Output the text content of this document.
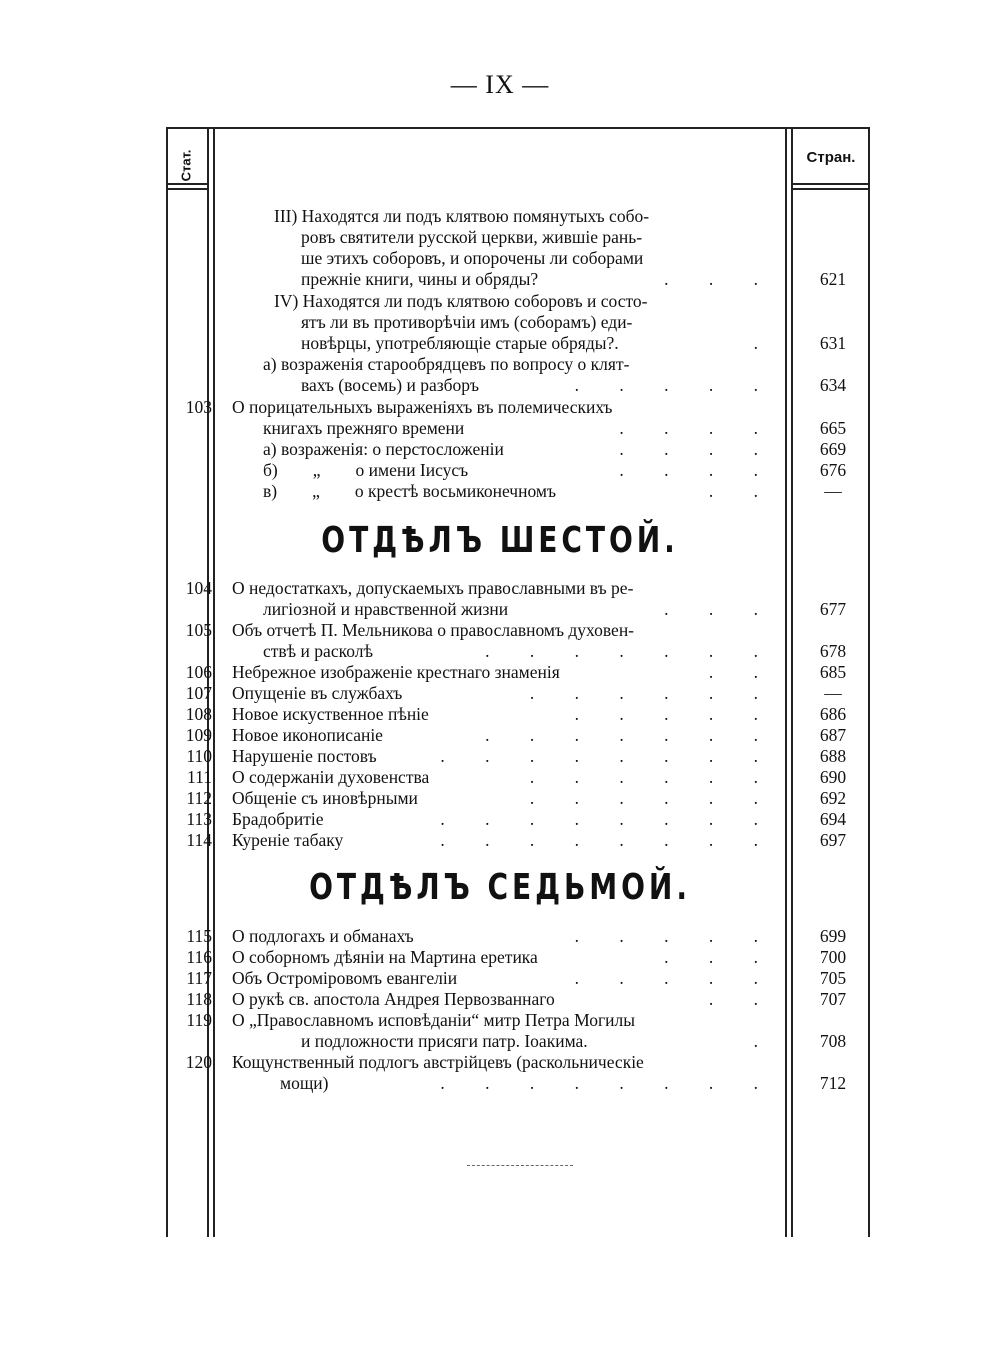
— IX —
Стат.	Стран.
III) Находятся ли подъ клятвою помянутыхъ собо-
ровъ святители русской церкви, жившіе рань-
ше этихъ соборовъ, и опорочены ли соборами
прежніе книги, чины и обряды?	. . .	621
IV) Находятся ли подъ клятвою соборовъ и состо-
ятъ ли въ противорѣчіи имъ (соборамъ) еди-
новѣрцы, употребляющіе старые обряды?.	.	631
а) возраженія старообрядцевъ по вопросу о клят-
вахъ (восемь) и разборъ	. . . . .	634
103 О порицательныхъ выраженіяхъ въ полемическихъ
книгахъ прежняго времени	. . . .	665
а) возраженія: о перстосложеніи	. . . .	669
б)        „        о имени Іисусъ	. . . .	676
в)        „        о крестѣ восьмиконечномъ	. .	—
ОТДѢЛЪ ШЕСТОЙ.
104 О недостаткахъ, допускаемыхъ православными въ ре-
лигіозной и нравственной жизни	. . .	677
105 Объ отчетѣ П. Мельникова о православномъ духовен-
ствѣ и расколѣ	. . . . . . .	678
106 Небрежное изображеніе крестнаго знаменія	. .	685
107 Опущеніе въ службахъ	. . . . . .	—
108 Новое искуственное пѣніе	. . . . .	686
109 Новое иконописаніе	. . . . . . .	687
110 Нарушеніе постовъ	. . . . . . . .	688
111 О содержаніи духовенства	. . . . . .	690
112 Общеніе съ иновѣрными	. . . . . .	692
113 Брадобритіе	. . . . . . . .	694
114 Куреніе табаку	. . . . . . . .	697
ОТДѢЛЪ СЕДЬМОЙ.
115 О подлогахъ и обманахъ	. . . . .	699
116 О соборномъ дѣяніи на Мартина еретика	. . .	700
117 Объ Остроміровомъ евангеліи	. . . . .	705
118 О рукѣ св. апостола Андрея Первозваннаго	. .	707
119 О „Православномъ исповѣданіи“ митр Петра Могилы
и подложности присяги патр. Іоакима.	.	708
120 Кощунственный подлогъ австрійцевъ (раскольническіе
мощи)	. . . . . . . .	712
